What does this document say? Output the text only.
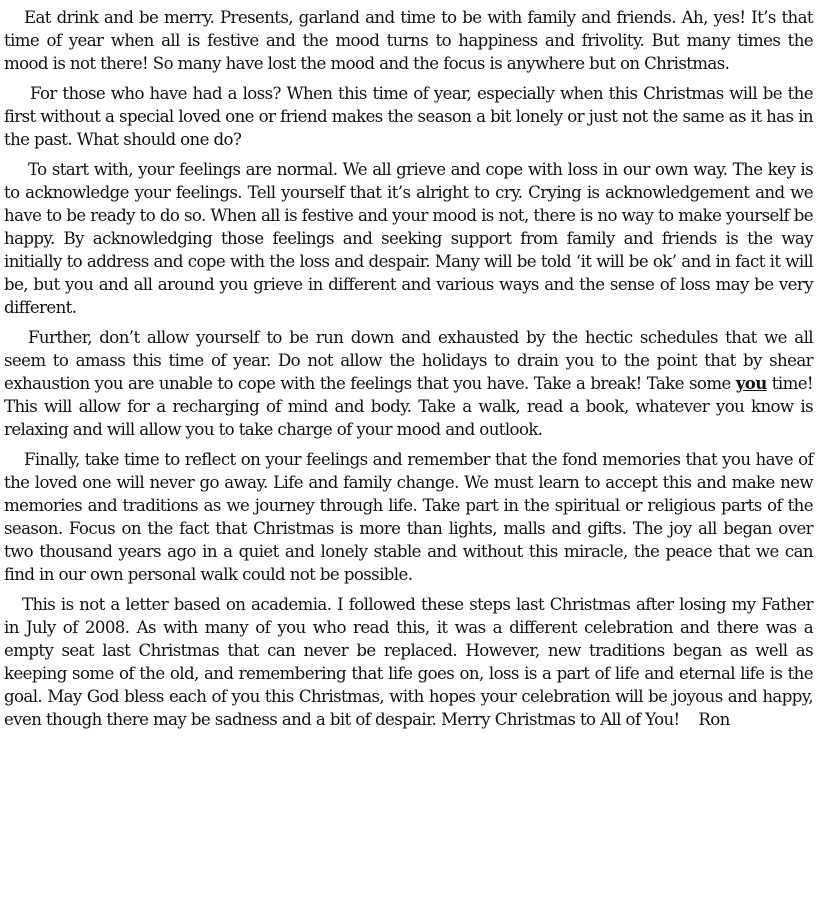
Eat drink and be merry. Presents, garland and time to be with family and friends. Ah, yes! It’s that time of year when all is festive and the mood turns to happiness and frivolity. But many times the mood is not there! So many have lost the mood and the focus is anywhere but on Christmas.

For those who have had a loss? When this time of year, especially when this Christmas will be the first without a special loved one or friend makes the season a bit lonely or just not the same as it has in the past. What should one do?

To start with, your feelings are normal. We all grieve and cope with loss in our own way. The key is to acknowledge your feelings. Tell yourself that it’s alright to cry. Crying is acknowledgement and we have to be ready to do so. When all is festive and your mood is not, there is no way to make yourself be happy. By acknowledging those feelings and seeking support from family and friends is the way initially to address and cope with the loss and despair. Many will be told ‘it will be ok’ and in fact it will be, but you and all around you grieve in different and various ways and the sense of loss may be very different.

Further, don’t allow yourself to be run down and exhausted by the hectic schedules that we all seem to amass this time of year. Do not allow the holidays to drain you to the point that by shear exhaustion you are unable to cope with the feelings that you have. Take a break! Take some you time! This will allow for a recharging of mind and body. Take a walk, read a book, whatever you know is relaxing and will allow you to take charge of your mood and outlook.

Finally, take time to reflect on your feelings and remember that the fond memories that you have of the loved one will never go away. Life and family change. We must learn to accept this and make new memories and traditions as we journey through life. Take part in the spiritual or religious parts of the season. Focus on the fact that Christmas is more than lights, malls and gifts. The joy all began over two thousand years ago in a quiet and lonely stable and without this miracle, the peace that we can find in our own personal walk could not be possible.

This is not a letter based on academia. I followed these steps last Christmas after losing my Father in July of 2008. As with many of you who read this, it was a different celebration and there was a empty seat last Christmas that can never be replaced. However, new traditions began as well as keeping some of the old, and remembering that life goes on, loss is a part of life and eternal life is the goal. May God bless each of you this Christmas, with hopes your celebration will be joyous and happy, even though there may be sadness and a bit of despair. Merry Christmas to All of You! Ron
